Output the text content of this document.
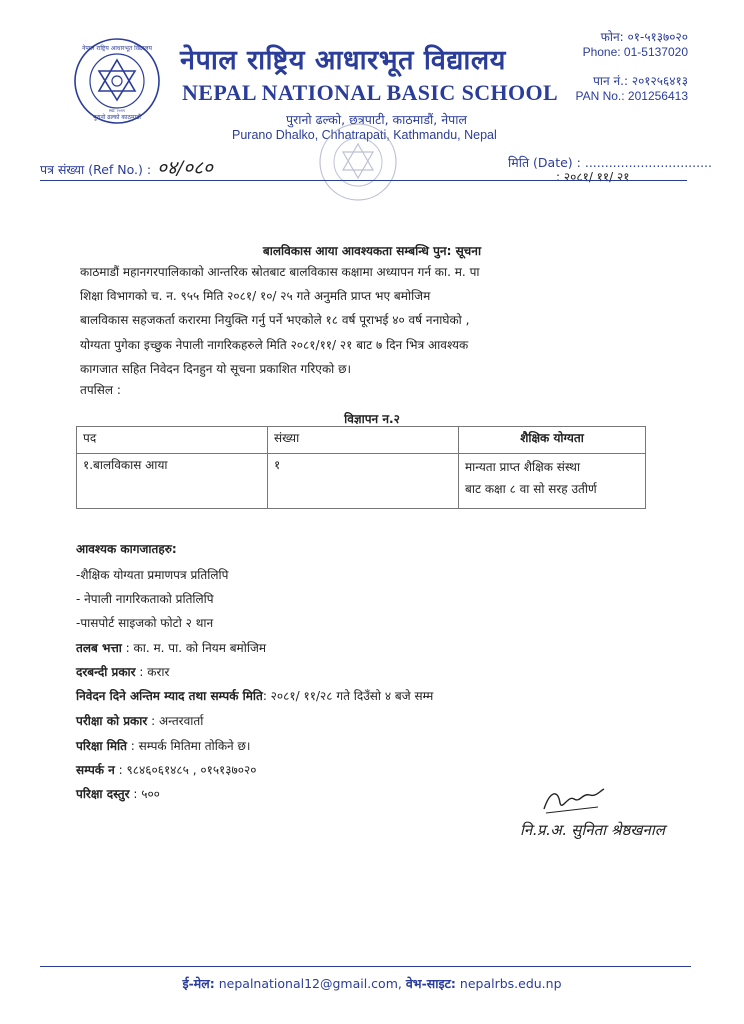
नेपाल राष्ट्रिय आधारभूत विद्यालय
पुरानो ढल्को काठमाडौं
स्था: २०१९
नेपाल राष्ट्रिय आधारभूत विद्यालय
NEPAL NATIONAL BASIC SCHOOL
पुरानो ढल्को, छत्रपाटी, काठमाडौं, नेपाल
Purano Dhalko, Chhatrapati, Kathmandu, Nepal
फोन: ०१-५१३७०२०
Phone: 01-5137020
पान नं.: २०१२५६४१३
PAN No.: 201256413
पत्र संख्या (Ref No.) : ०४/०८०	मिति (Date) : ................................
: २०८१/ ११/ २१
बालविकास आया आवश्यकता सम्बन्धि पुन: सूचना
काठमाडौं महानगरपालिकाको आन्तरिक स्रोतबाट बालविकास कक्षामा अध्यापन गर्न का. म. पा
शिक्षा विभागको च. न. ९५५ मिति २०८१/ १०/ २५ गते अनुमति प्राप्त भए बमोजिम
बालविकास सहजकर्ता करारमा नियुक्ति गर्नु पर्ने भएकोले १८ वर्ष पूराभई ४० वर्ष ननाघेको ,
योग्यता पुगेका इच्छुक नेपाली नागरिकहरुले मिति २०८१/११/ २१ बाट ७ दिन भित्र आवश्यक
कागजात सहित निवेदन दिनहुन यो सूचना प्रकाशित गरिएको छ।
तपसिल :
विज्ञापन न.२
पद	संख्या	शैक्षिक योग्यता
१.बालविकास आया	१	मान्यता प्राप्त शैक्षिक संस्था
बाट कक्षा ८ वा सो सरह उतीर्ण
आवश्यक कागजातहरु:
-शैक्षिक योग्यता प्रमाणपत्र प्रतिलिपि
- नेपाली नागरिकताको प्रतिलिपि
-पासपोर्ट साइजको फोटो २ थान
तलब भत्ता : का. म. पा. को नियम बमोजिम
दरबन्दी प्रकार : करार
निवेदन दिने अन्तिम म्याद तथा सम्पर्क मिति: २०८१/ ११/२८ गते दिउँसो ४ बजे सम्म
परीक्षा को प्रकार : अन्तरवार्ता
परिक्षा मिति : सम्पर्क मितिमा तोकिने छ।
सम्पर्क न : ९८४६०६१४८५ , ०१५१३७०२०
परिक्षा दस्तुर : ५००
नि.प्र.अ. सुनिता श्रेष्ठखनाल
ई-मेल: nepalnational12@gmail.com, वेभ-साइट: nepalrbs.edu.np
